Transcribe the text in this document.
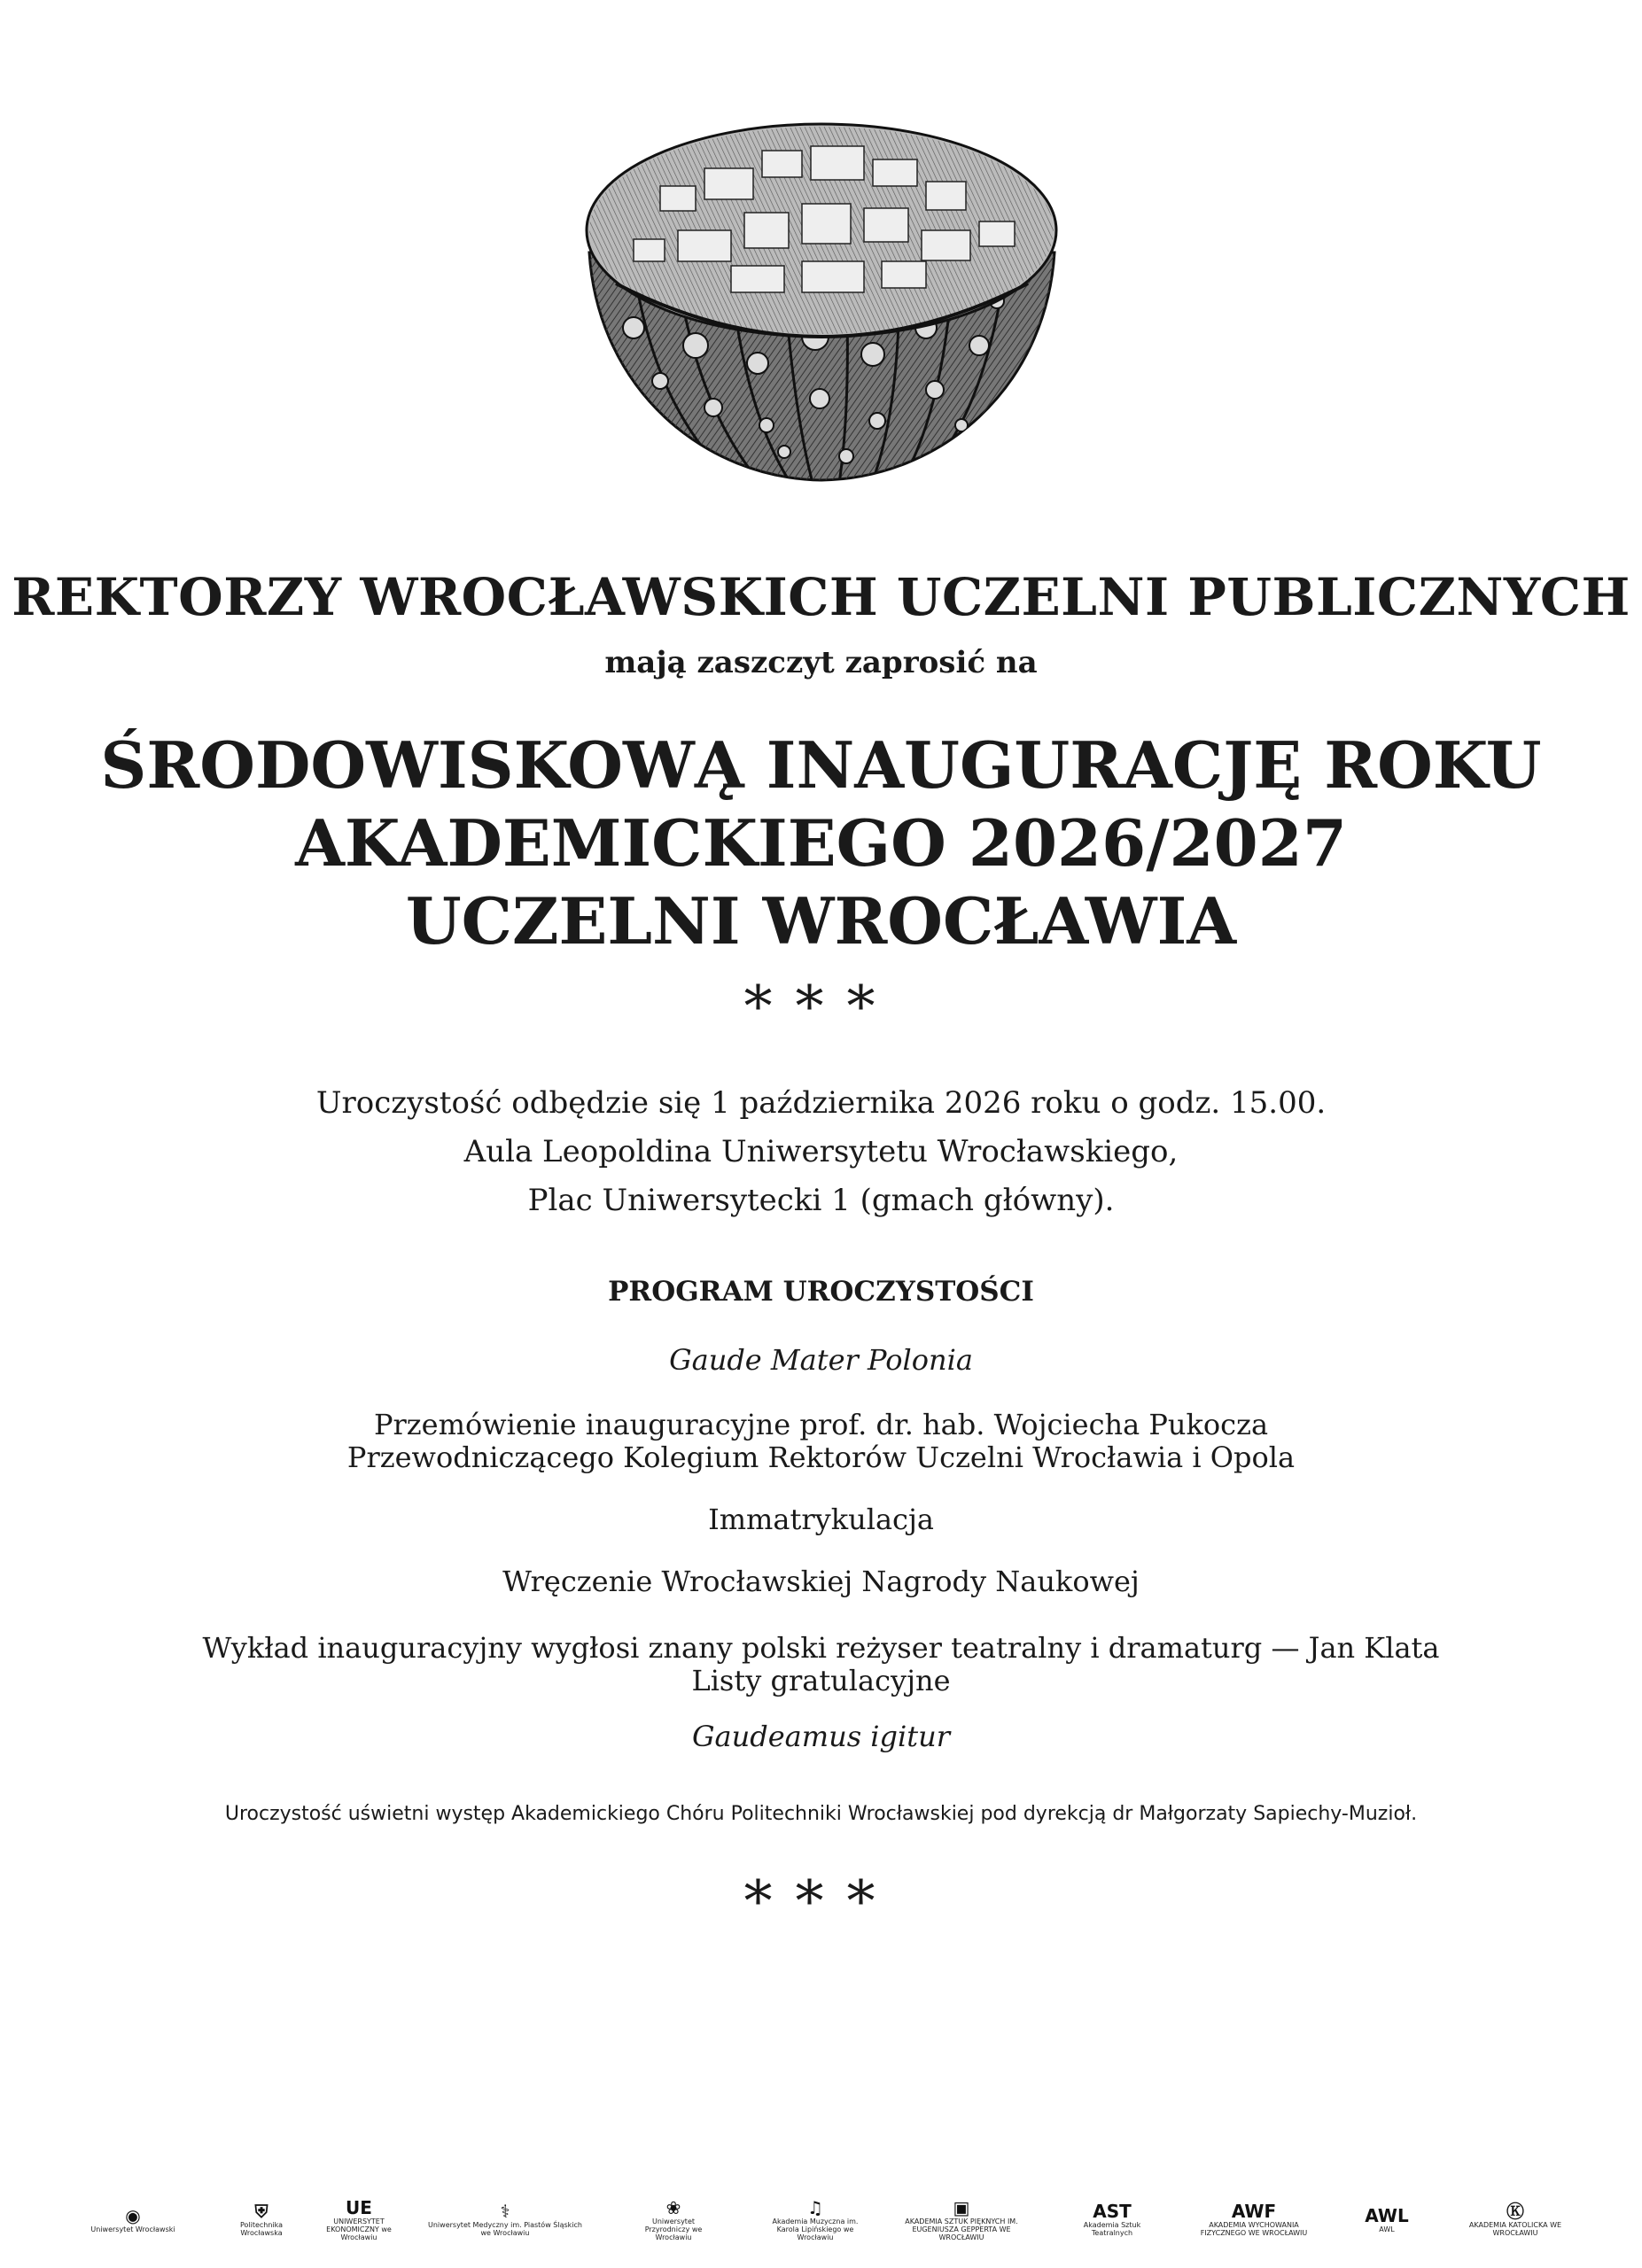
REKTORZY WROCŁAWSKICH UCZELNI PUBLICZNYCH
mają zaszczyt zaprosić na
ŚRODOWISKOWĄ INAUGURACJĘ ROKU
AKADEMICKIEGO 2026/2027
UCZELNI WROCŁAWIA
***
Uroczystość odbędzie się 1 października 2026 roku o godz. 15.00.
Aula Leopoldina Uniwersytetu Wrocławskiego,
Plac Uniwersytecki 1 (gmach główny).
PROGRAM UROCZYSTOŚCI
Gaude Mater Polonia
Przemówienie inauguracyjne prof. dr. hab. Wojciecha Pukocza
Przewodniczącego Kolegium Rektorów Uczelni Wrocławia i Opola
Immatrykulacja
Wręczenie Wrocławskiej Nagrody Naukowej
Wykład inauguracyjny wygłosi znany polski reżyser teatralny i dramaturg — Jan Klata
Listy gratulacyjne
Gaudeamus igitur
Uroczystość uświetni występ Akademickiego Chóru Politechniki Wrocławskiej pod dyrekcją dr Małgorzaty Sapiechy-Muzioł.
***
◉
Uniwersytet Wrocławski
⛨
Politechnika Wrocławska
UE
UNIWERSYTET EKONOMICZNY we Wrocławiu
⚕
Uniwersytet Medyczny im. Piastów Śląskich we Wrocławiu
❀
Uniwersytet Przyrodniczy we Wrocławiu
♫
Akademia Muzyczna im. Karola Lipińskiego we Wrocławiu
▣
AKADEMIA SZTUK PIĘKNYCH IM. EUGENIUSZA GEPPERTA WE WROCŁAWIU
AST
Akademia Sztuk Teatralnych
AWF
AKADEMIA WYCHOWANIA FIZYCZNEGO WE WROCŁAWIU
AWL
AWL
Ⓚ
AKADEMIA KATOLICKA WE WROCŁAWIU
